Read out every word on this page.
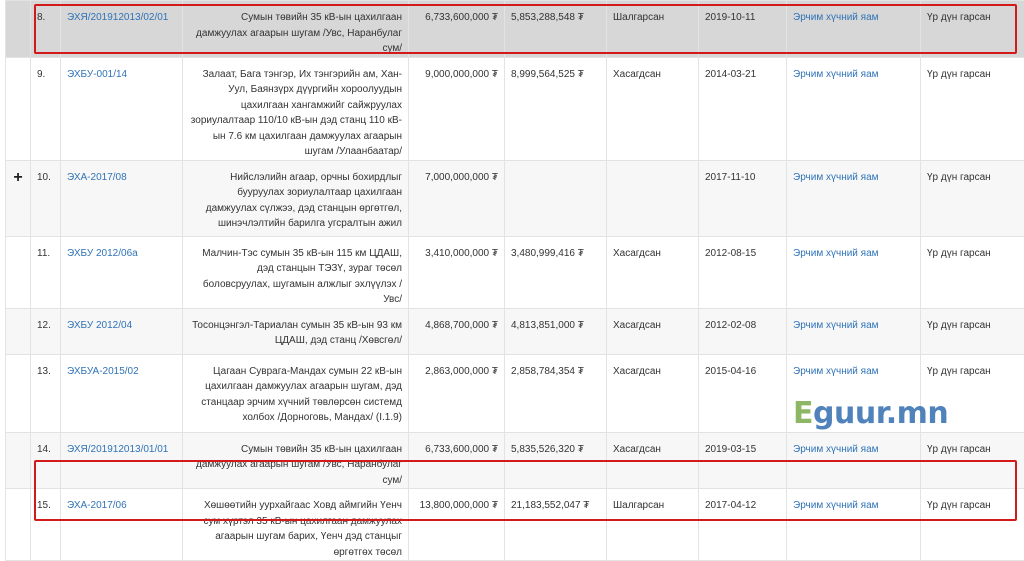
	8.	ЭХЯ/201912013/02/01	Сумын төвийн 35 кВ-ын цахилгаан дамжуулах агаарын шугам /Увс, Наранбулаг сум/	6,733,600,000 ₮	5,853,288,548 ₮	Шалгарсан	2019-10-11	Эрчим хүчний яам	Үр дүн гарсан

	9.	ЭХБУ-001/14	Залаат, Бага тэнгэр, Их тэнгэрийн ам, Хан-Уул, Баянзүрх дүүргийн хороолуудын цахилгаан хангамжийг сайжруулах зориулалтаар 110/10 кВ-ын дэд станц 110 кВ-ын 7.6 км цахилгаан дамжуулах агаарын шугам /Улаанбаатар/	9,000,000,000 ₮	8,999,564,525 ₮	Хасагдсан	2014-03-21	Эрчим хүчний яам	Үр дүн гарсан

+	10.	ЭХА-2017/08	Нийслэлийн агаар, орчны бохирдлыг бууруулах зориулалтаар цахилгаан дамжуулах сүлжээ, дэд станцын өргөтгөл, шинэчлэлтийн барилга угсралтын ажил	7,000,000,000 ₮			2017-11-10	Эрчим хүчний яам	Үр дүн гарсан

	11.	ЭХБУ 2012/06а	Малчин-Тэс сумын 35 кВ-ын 115 км ЦДАШ, дэд станцын ТЭЗҮ, зураг төсөл боловсруулах, шугамын алжлыг эхлүүлэх /Увс/	3,410,000,000 ₮	3,480,999,416 ₮	Хасагдсан	2012-08-15	Эрчим хүчний яам	Үр дүн гарсан

	12.	ЭХБУ 2012/04	Тосонцэнгэл-Тариалан сумын 35 кВ-ын 93 км ЦДАШ, дэд станц /Хөвсгөл/	4,868,700,000 ₮	4,813,851,000 ₮	Хасагдсан	2012-02-08	Эрчим хүчний яам	Үр дүн гарсан

	13.	ЭХБУА-2015/02	Цагаан Суврага-Мандах сумын 22 кВ-ын цахилгаан дамжуулах агаарын шугам, дэд станцаар эрчим хүчний төвлөрсөн системд холбох /Дорноговь, Мандах/ (I.1.9)	2,863,000,000 ₮	2,858,784,354 ₮	Хасагдсан	2015-04-16	Эрчим хүчний яам	Үр дүн гарсан

	14.	ЭХЯ/201912013/01/01	Сумын төвийн 35 кВ-ын цахилгаан дамжуулах агаарын шугам /Увс, Наранбулаг сум/	6,733,600,000 ₮	5,835,526,320 ₮	Хасагдсан	2019-03-15	Эрчим хүчний яам	Үр дүн гарсан

	15.	ЭХА-2017/06	Хөшөөтийн уурхайгаас Ховд аймгийн Үенч сум хүртэл 35 кВ-ын цахилгаан дамжуулах агаарын шугам барих, Үенч дэд станцыг өргөтгөх төсөл	13,800,000,000 ₮	21,183,552,047 ₮	Шалгарсан	2017-04-12	Эрчим хүчний яам	Үр дүн гарсан
Eguur.mn
